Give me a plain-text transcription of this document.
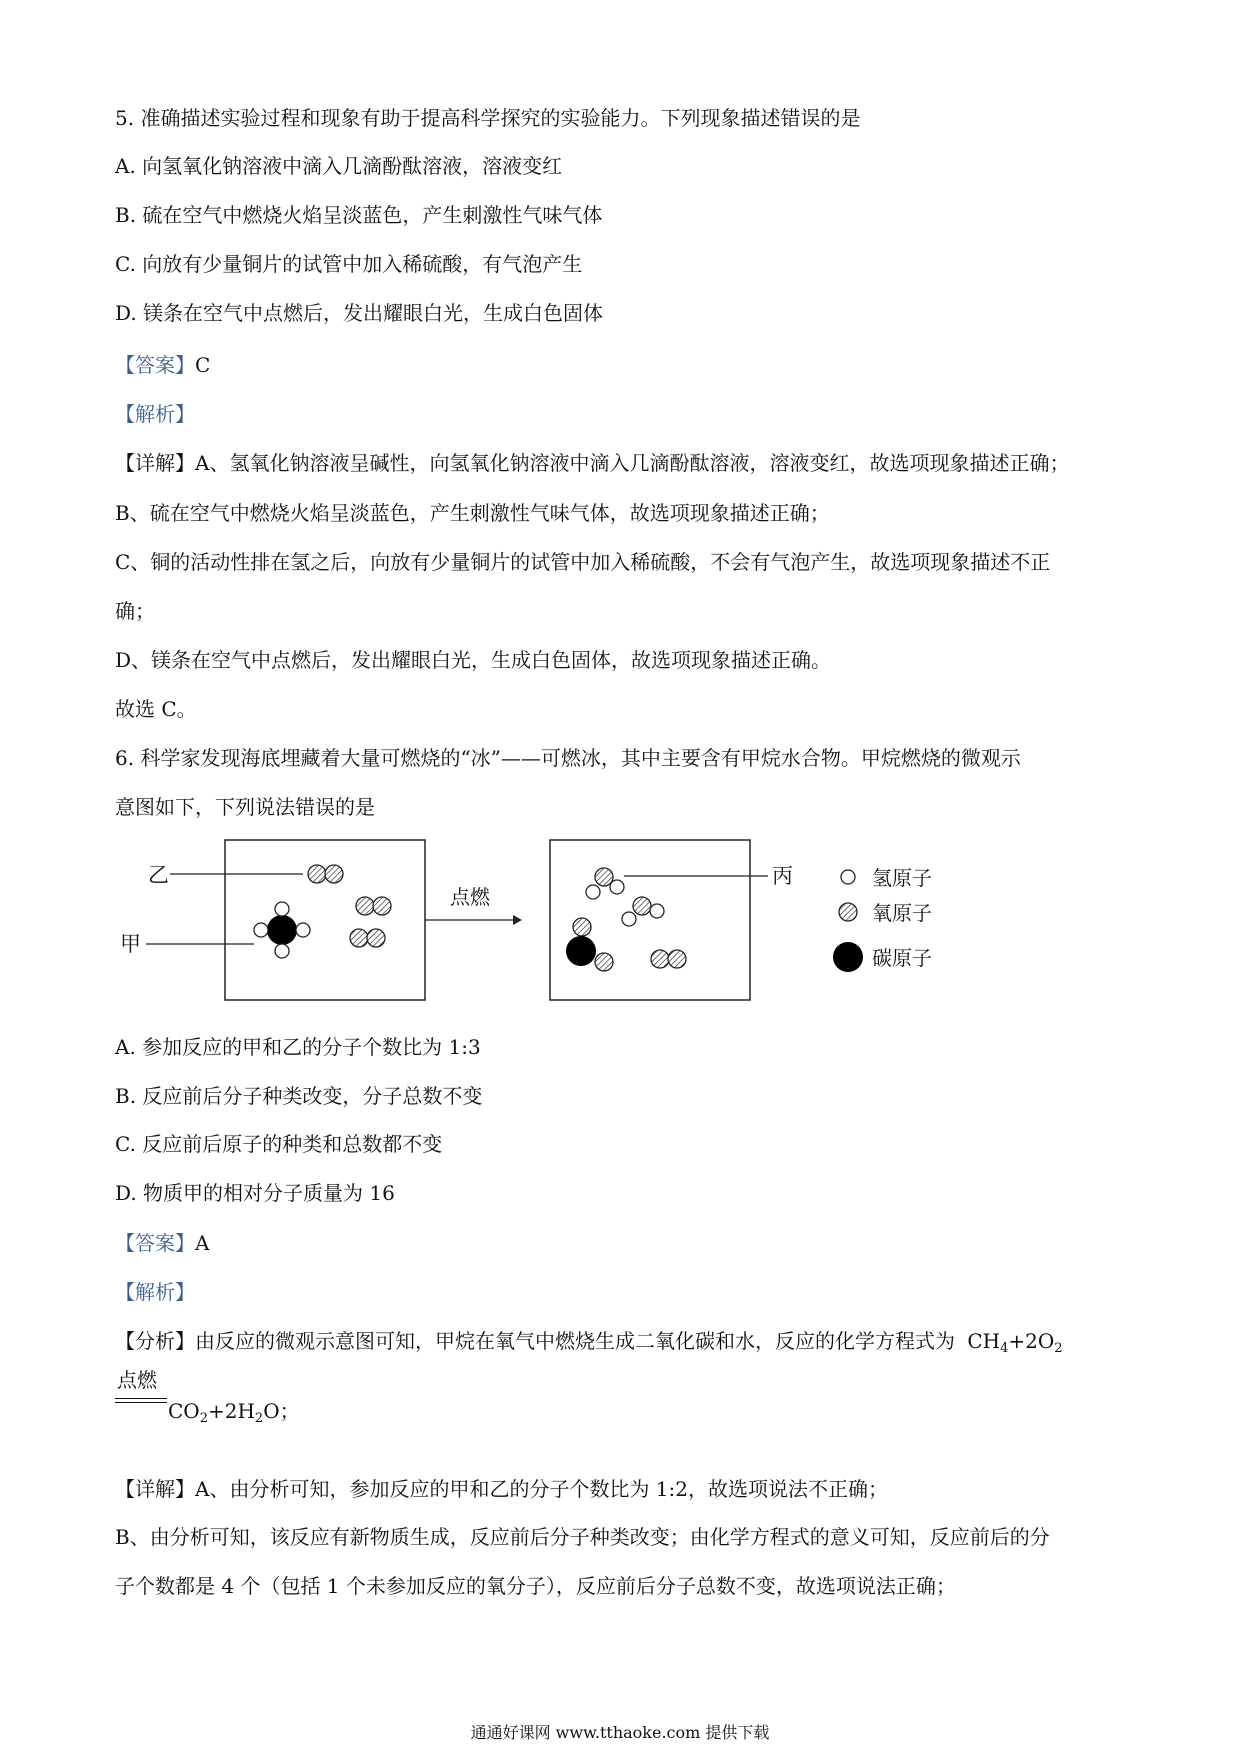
5. 准确描述实验过程和现象有助于提高科学探究的实验能力。下列现象描述错误的是
A. 向氢氧化钠溶液中滴入几滴酚酞溶液，溶液变红
B. 硫在空气中燃烧火焰呈淡蓝色，产生刺激性气味气体
C. 向放有少量铜片的试管中加入稀硫酸，有气泡产生
D. 镁条在空气中点燃后，发出耀眼白光，生成白色固体
【答案】C
【解析】
【详解】A、氢氧化钠溶液呈碱性，向氢氧化钠溶液中滴入几滴酚酞溶液，溶液变红，故选项现象描述正确；
B、硫在空气中燃烧火焰呈淡蓝色，产生刺激性气味气体，故选项现象描述正确；
C、铜的活动性排在氢之后，向放有少量铜片的试管中加入稀硫酸，不会有气泡产生，故选项现象描述不正
确；
D、镁条在空气中点燃后，发出耀眼白光，生成白色固体，故选项现象描述正确。
故选 C。
6. 科学家发现海底埋藏着大量可燃烧的“冰”——可燃冰，其中主要含有甲烷水合物。甲烷燃烧的微观示
意图如下，下列说法错误的是
乙
甲
点燃
丙	氢原子
氧原子
碳原子
A. 参加反应的甲和乙的分子个数比为 1:3
B. 反应前后分子种类改变，分子总数不变
C. 反应前后原子的种类和总数都不变
D. 物质甲的相对分子质量为 16
【答案】A
【解析】
【分析】由反应的微观示意图可知，甲烷在氧气中燃烧生成二氧化碳和水，反应的化学方程式为 $CH_4+2O_2$
点燃
$CO_2+2H_2O$；
【详解】A、由分析可知，参加反应的甲和乙的分子个数比为 1:2，故选项说法不正确；
B、由分析可知，该反应有新物质生成，反应前后分子种类改变；由化学方程式的意义可知，反应前后的分
子个数都是 4 个（包括 1 个未参加反应的氧分子），反应前后分子总数不变，故选项说法正确；
通通好课网 www.tthaoke.com 提供下载
